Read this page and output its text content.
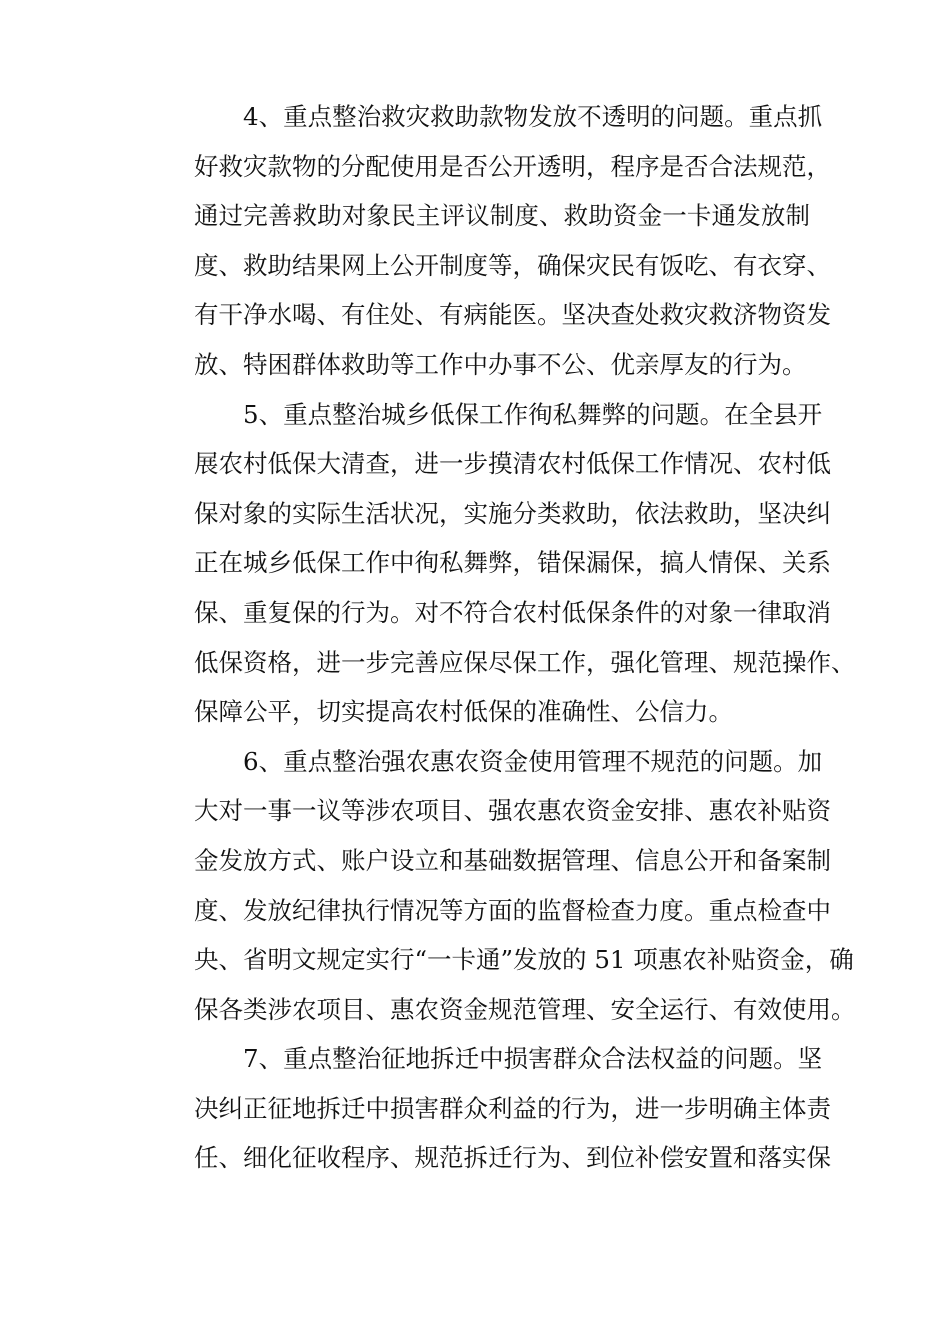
4、重点整治救灾救助款物发放不透明的问题。重点抓
好救灾款物的分配使用是否公开透明，程序是否合法规范，
通过完善救助对象民主评议制度、救助资金一卡通发放制
度、救助结果网上公开制度等，确保灾民有饭吃、有衣穿、
有干净水喝、有住处、有病能医。坚决查处救灾救济物资发
放、特困群体救助等工作中办事不公、优亲厚友的行为。
5、重点整治城乡低保工作徇私舞弊的问题。在全县开
展农村低保大清查，进一步摸清农村低保工作情况、农村低
保对象的实际生活状况，实施分类救助，依法救助，坚决纠
正在城乡低保工作中徇私舞弊，错保漏保，搞人情保、关系
保、重复保的行为。对不符合农村低保条件的对象一律取消
低保资格，进一步完善应保尽保工作，强化管理、规范操作、
保障公平，切实提高农村低保的准确性、公信力。
6、重点整治强农惠农资金使用管理不规范的问题。加
大对一事一议等涉农项目、强农惠农资金安排、惠农补贴资
金发放方式、账户设立和基础数据管理、信息公开和备案制
度、发放纪律执行情况等方面的监督检查力度。重点检查中
央、省明文规定实行“一卡通”发放的 51 项惠农补贴资金，确
保各类涉农项目、惠农资金规范管理、安全运行、有效使用。
7、重点整治征地拆迁中损害群众合法权益的问题。坚
决纠正征地拆迁中损害群众利益的行为，进一步明确主体责
任、细化征收程序、规范拆迁行为、到位补偿安置和落实保
